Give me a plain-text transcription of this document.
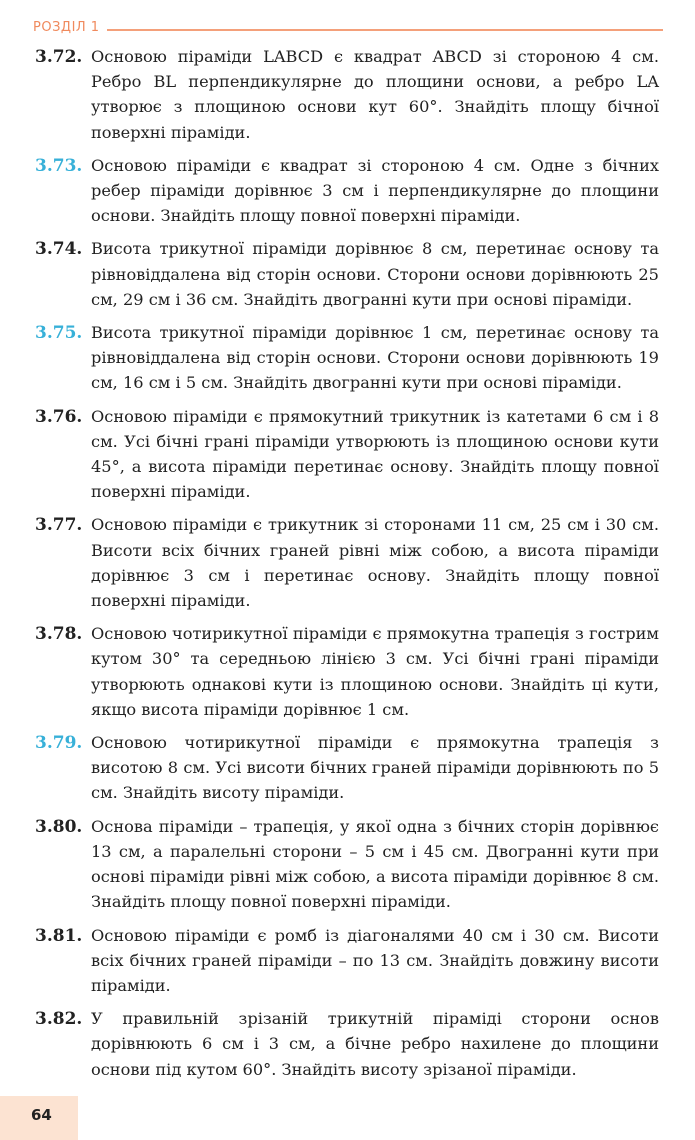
РОЗДІЛ 1
3.72. Основою піраміди LABCD є квадрат ABCD зі стороною 4 см. Ребро BL перпендикулярне до площини основи, а ребро LA утворює з площиною основи кут 60°. Знайдіть площу бічної поверхні піраміди.
3.73. Основою піраміди є квадрат зі стороною 4 см. Одне з бічних ребер піраміди дорівнює 3 см і перпендикулярне до площини основи. Знайдіть площу повної поверхні піраміди.
3.74. Висота трикутної піраміди дорівнює 8 см, перетинає основу та рівновіддалена від сторін основи. Сторони основи дорівнюють 25 см, 29 см і 36 см. Знайдіть двогранні кути при основі піраміди.
3.75. Висота трикутної піраміди дорівнює 1 см, перетинає основу та рівновіддалена від сторін основи. Сторони основи дорівнюють 19 см, 16 см і 5 см. Знайдіть двогранні кути при основі піраміди.
3.76. Основою піраміди є прямокутний трикутник із катетами 6 см і 8 см. Усі бічні грані піраміди утворюють із площиною основи кути 45°, а висота піраміди перетинає основу. Знайдіть площу повної поверхні піраміди.
3.77. Основою піраміди є трикутник зі сторонами 11 см, 25 см і 30 см. Висоти всіх бічних граней рівні між собою, а висота піраміди дорівнює 3 см і перетинає основу. Знайдіть площу повної поверхні піраміди.
3.78. Основою чотирикутної піраміди є прямокутна трапеція з гострим кутом 30° та середньою лінією 3 см. Усі бічні грані піраміди утворюють однакові кути із площиною основи. Знайдіть ці кути, якщо висота піраміди дорівнює 1 см.
3.79. Основою чотирикутної піраміди є прямокутна трапеція з висотою 8 см. Усі висоти бічних граней піраміди дорівнюють по 5 см. Знайдіть висоту піраміди.
3.80. Основа піраміди – трапеція, у якої одна з бічних сторін дорівнює 13 см, а паралельні сторони – 5 см і 45 см. Двогранні кути при основі піраміди рівні між собою, а висота піраміди дорівнює 8 см. Знайдіть площу повної поверхні піраміди.
3.81. Основою піраміди є ромб із діагоналями 40 см і 30 см. Висоти всіх бічних граней піраміди – по 13 см. Знайдіть довжину висоти піраміди.
3.82. У правильній зрізаній трикутній піраміді сторони основ дорівнюють 6 см і 3 см, а бічне ребро нахилене до площини основи під кутом 60°. Знайдіть висоту зрізаної піраміди.
64
